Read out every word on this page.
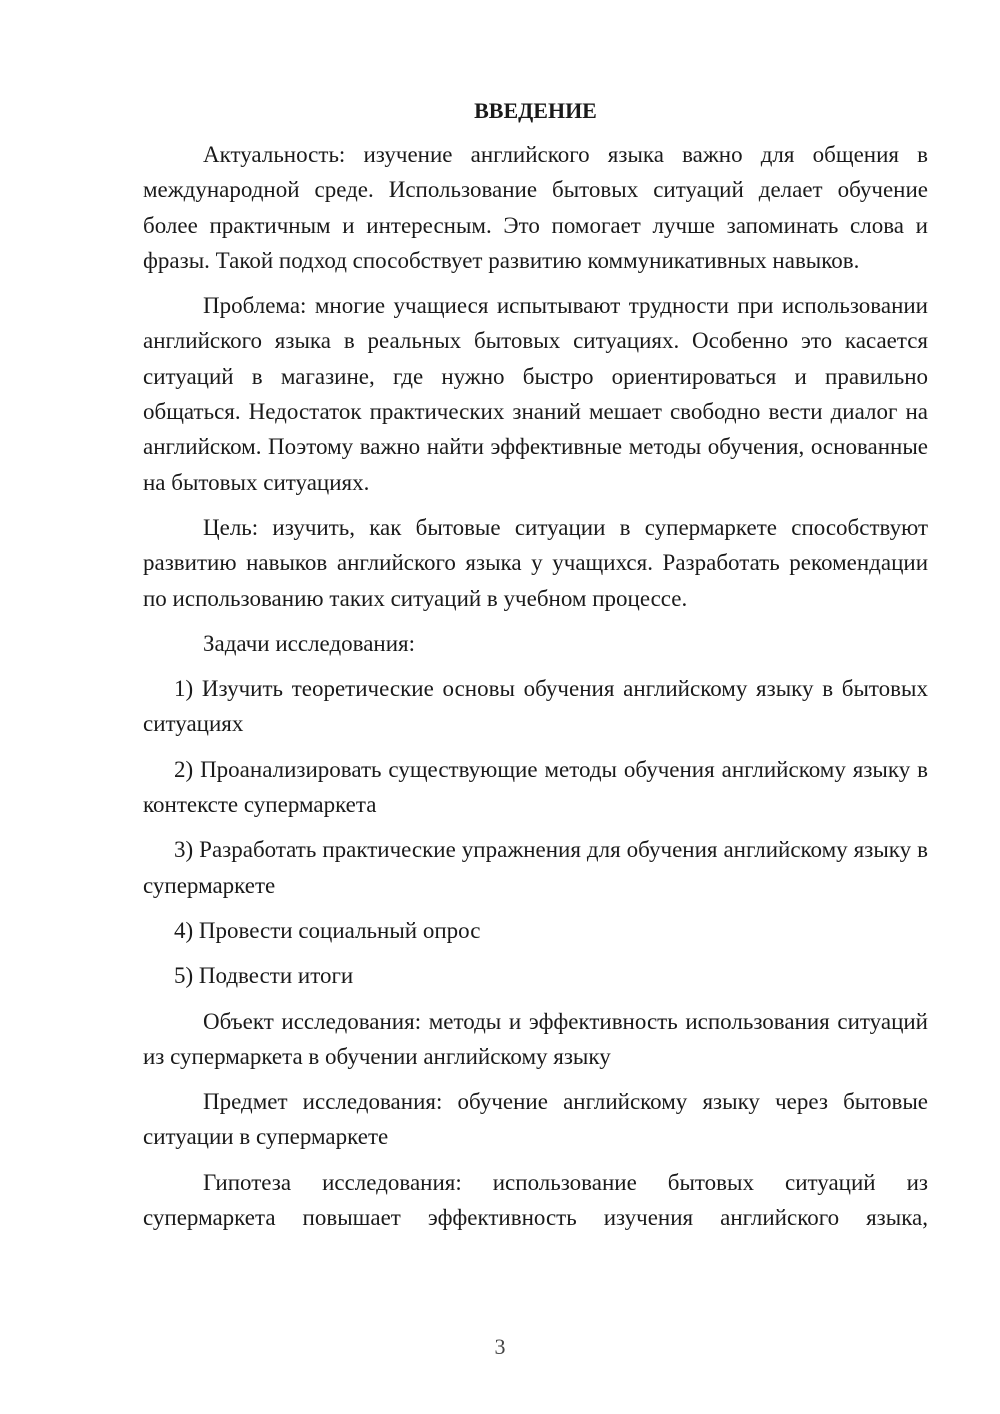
ВВЕДЕНИЕ

Актуальность: изучение английского языка важно для общения в международной среде. Использование бытовых ситуаций делает обучение более практичным и интересным. Это помогает лучше запоминать слова и фразы. Такой подход способствует развитию коммуникативных навыков.

Проблема: многие учащиеся испытывают трудности при использовании английского языка в реальных бытовых ситуациях. Особенно это касается ситуаций в магазине, где нужно быстро ориентироваться и правильно общаться. Недостаток практических знаний мешает свободно вести диалог на английском. Поэтому важно найти эффективные методы обучения, основанные на бытовых ситуациях.

Цель: изучить, как бытовые ситуации в супермаркете способствуют развитию навыков английского языка у учащихся. Разработать рекомендации по использованию таких ситуаций в учебном процессе.

Задачи исследования:

1) Изучить теоретические основы обучения английскому языку в бытовых ситуациях

2) Проанализировать существующие методы обучения английскому языку в контексте супермаркета

3) Разработать практические упражнения для обучения английскому языку в супермаркете

4) Провести социальный опрос

5) Подвести итоги

Объект исследования: методы и эффективность использования ситуаций из супермаркета в обучении английскому языку

Предмет исследования: обучение английскому языку через бытовые ситуации в супермаркете

Гипотеза исследования: использование бытовых ситуаций из супермаркета повышает эффективность изучения английского языка,

3
